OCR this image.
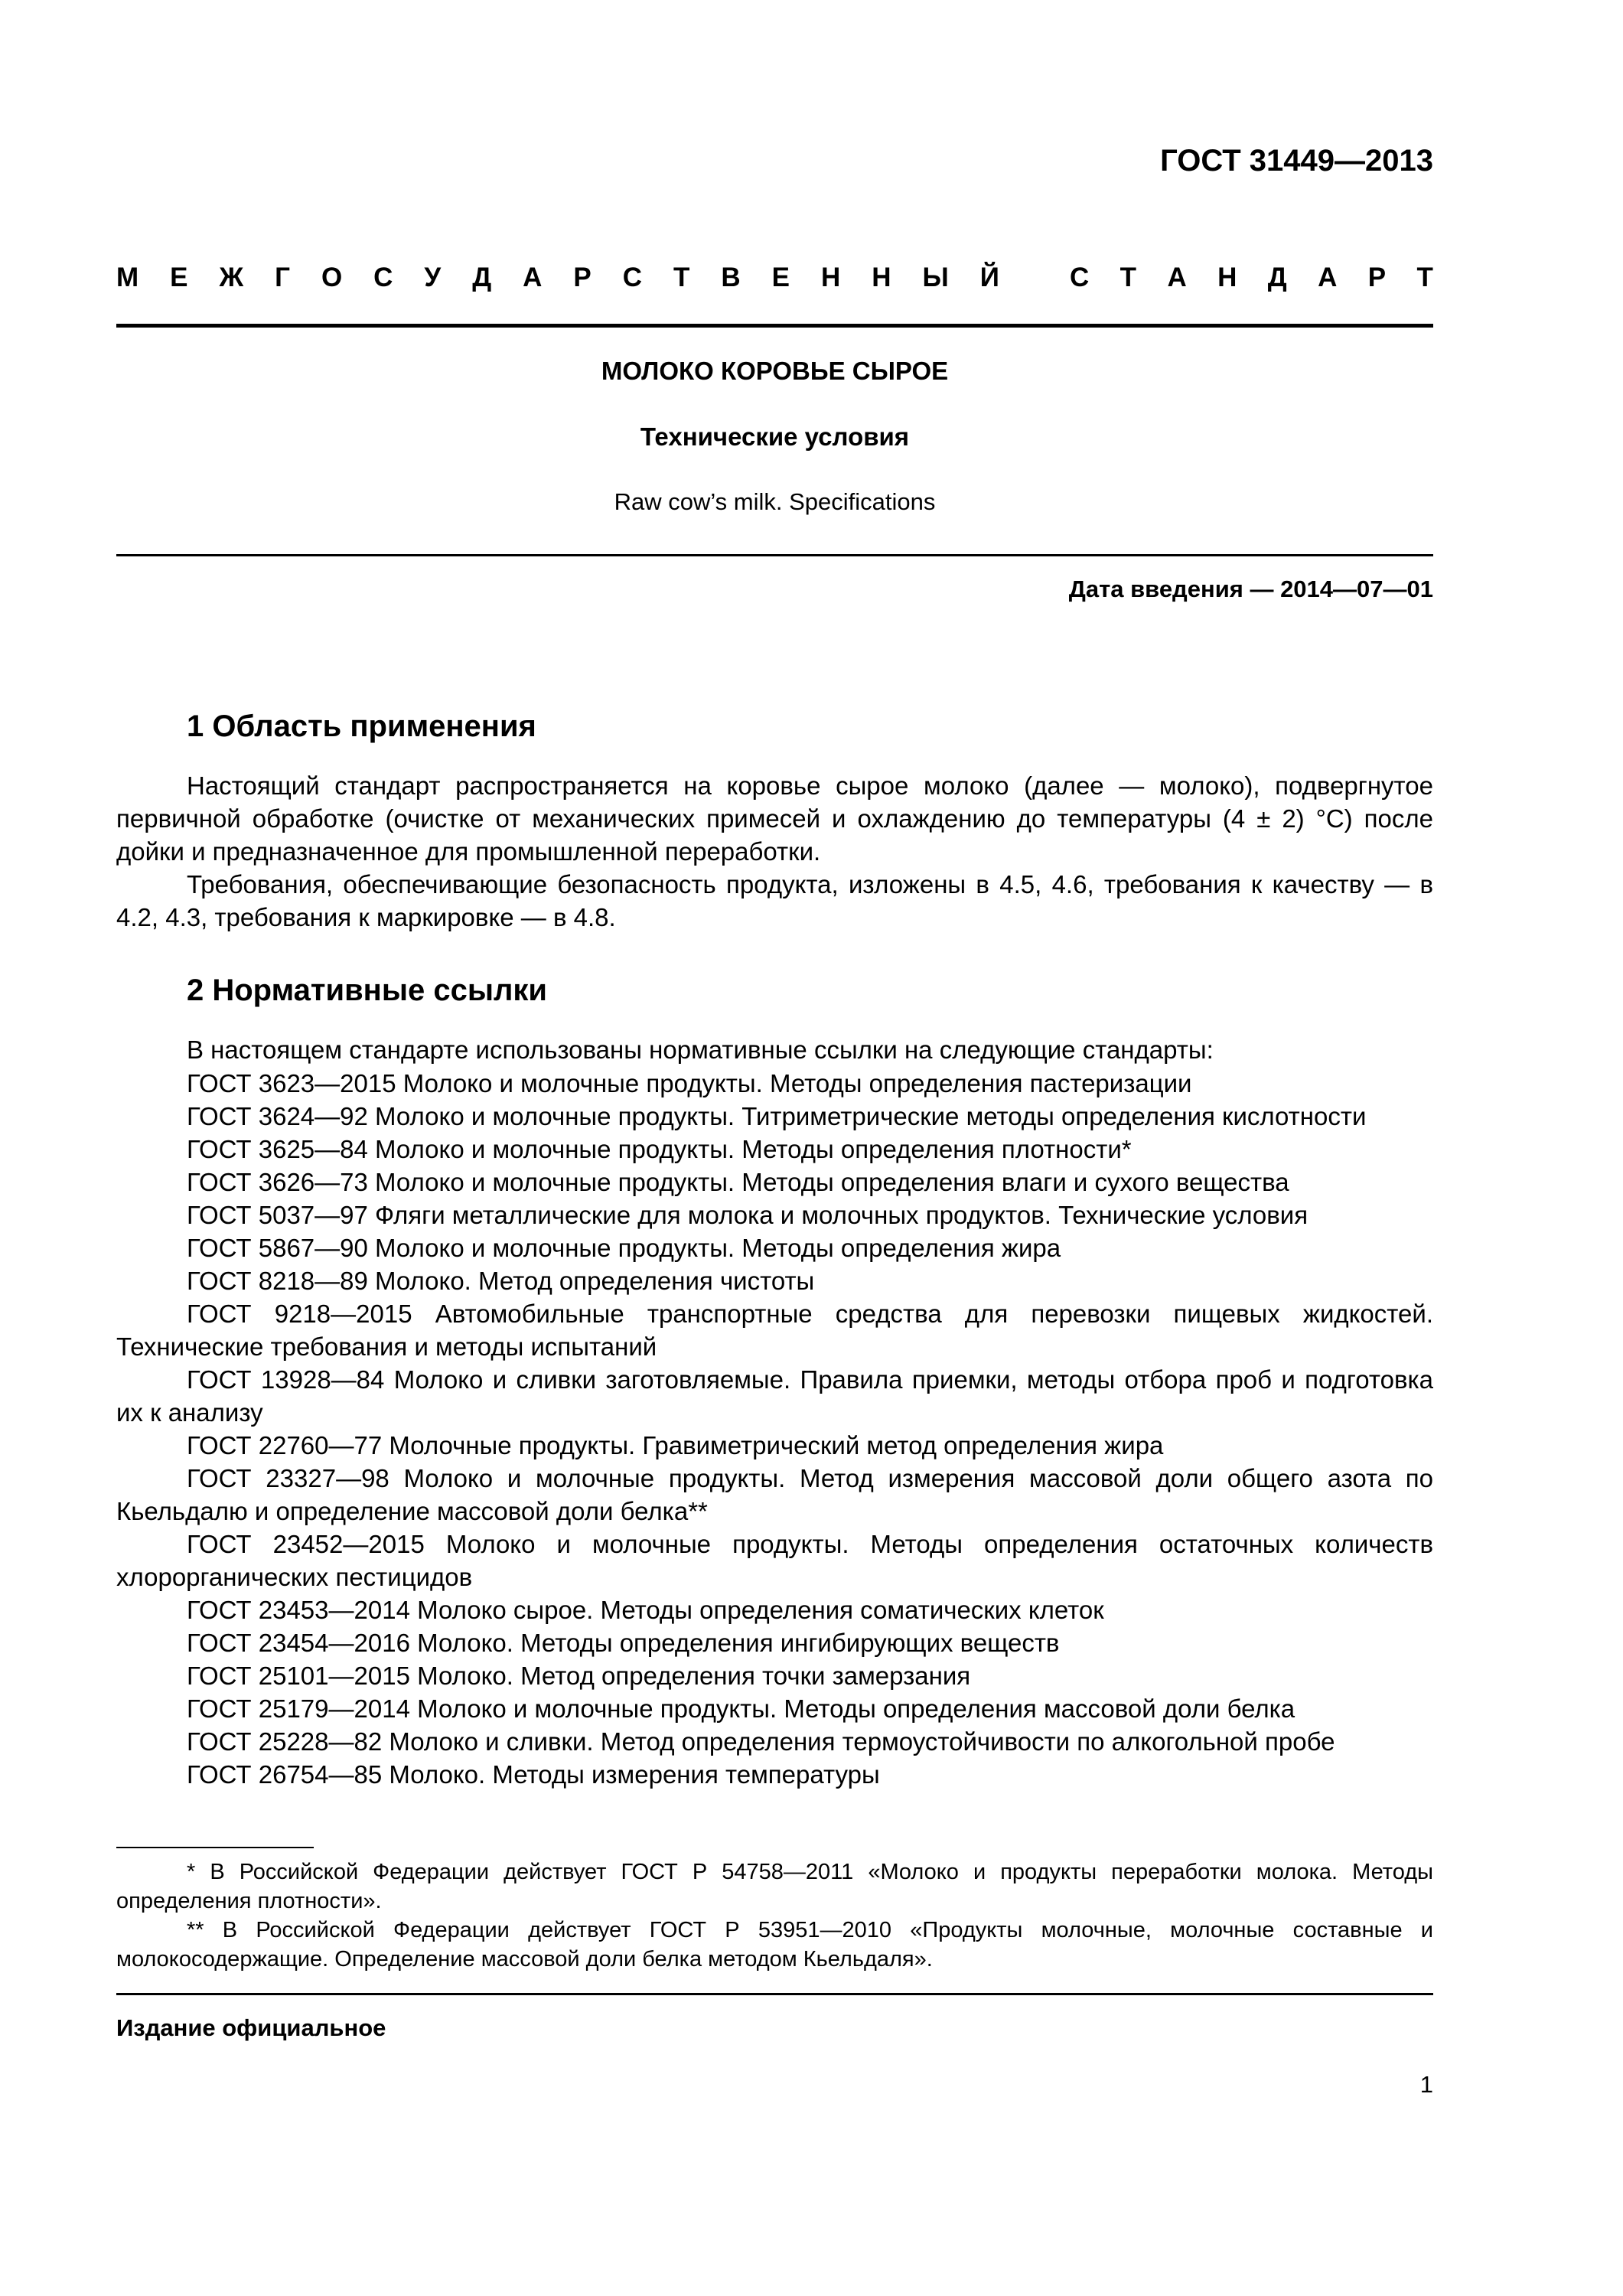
ГОСТ 31449—2013
М Е Ж Г О С У Д А Р С Т В Е Н Н Ы Й	С Т А Н Д А Р Т
МОЛОКО КОРОВЬЕ СЫРОЕ
Технические условия
Raw cow’s milk. Specifications
Дата введения — 2014—07—01
1 Область применения

Настоящий стандарт распространяется на коровье сырое молоко (далее — молоко), подвергнутое первичной обработке (очистке от механических примесей и охлаждению до температуры (4 ± 2) °С) после дойки и предназначенное для промышленной переработки.

Требования, обеспечивающие безопасность продукта, изложены в 4.5, 4.6, требования к качеству — в 4.2, 4.3, требования к маркировке — в 4.8.

2 Нормативные ссылки

В настоящем стандарте использованы нормативные ссылки на следующие стандарты:

ГОСТ 3623—2015 Молоко и молочные продукты. Методы определения пастеризации
ГОСТ 3624—92 Молоко и молочные продукты. Титриметрические методы определения кислотности
ГОСТ 3625—84 Молоко и молочные продукты. Методы определения плотности*
ГОСТ 3626—73 Молоко и молочные продукты. Методы определения влаги и сухого вещества
ГОСТ 5037—97 Фляги металлические для молока и молочных продуктов. Технические условия
ГОСТ 5867—90 Молоко и молочные продукты. Методы определения жира
ГОСТ 8218—89 Молоко. Метод определения чистоты
ГОСТ 9218—2015 Автомобильные транспортные средства для перевозки пищевых жидкостей. Технические требования и методы испытаний
ГОСТ 13928—84 Молоко и сливки заготовляемые. Правила приемки, методы отбора проб и подготовка их к анализу
ГОСТ 22760—77 Молочные продукты. Гравиметрический метод определения жира
ГОСТ 23327—98 Молоко и молочные продукты. Метод измерения массовой доли общего азота по Кьельдалю и определение массовой доли белка**
ГОСТ 23452—2015 Молоко и молочные продукты. Методы определения остаточных количеств хлорорганических пестицидов
ГОСТ 23453—2014 Молоко сырое. Методы определения соматических клеток
ГОСТ 23454—2016 Молоко. Методы определения ингибирующих веществ
ГОСТ 25101—2015 Молоко. Метод определения точки замерзания
ГОСТ 25179—2014 Молоко и молочные продукты. Методы определения массовой доли белка
ГОСТ 25228—82 Молоко и сливки. Метод определения термоустойчивости по алкогольной пробе
ГОСТ 26754—85 Молоко. Методы измерения температуры

* В Российской Федерации действует ГОСТ Р 54758—2011 «Молоко и продукты переработки молока. Методы определения плотности».

** В Российской Федерации действует ГОСТ Р 53951—2010 «Продукты молочные, молочные составные и молокосодержащие. Определение массовой доли белка методом Кьельдаля».

Издание официальное
1
